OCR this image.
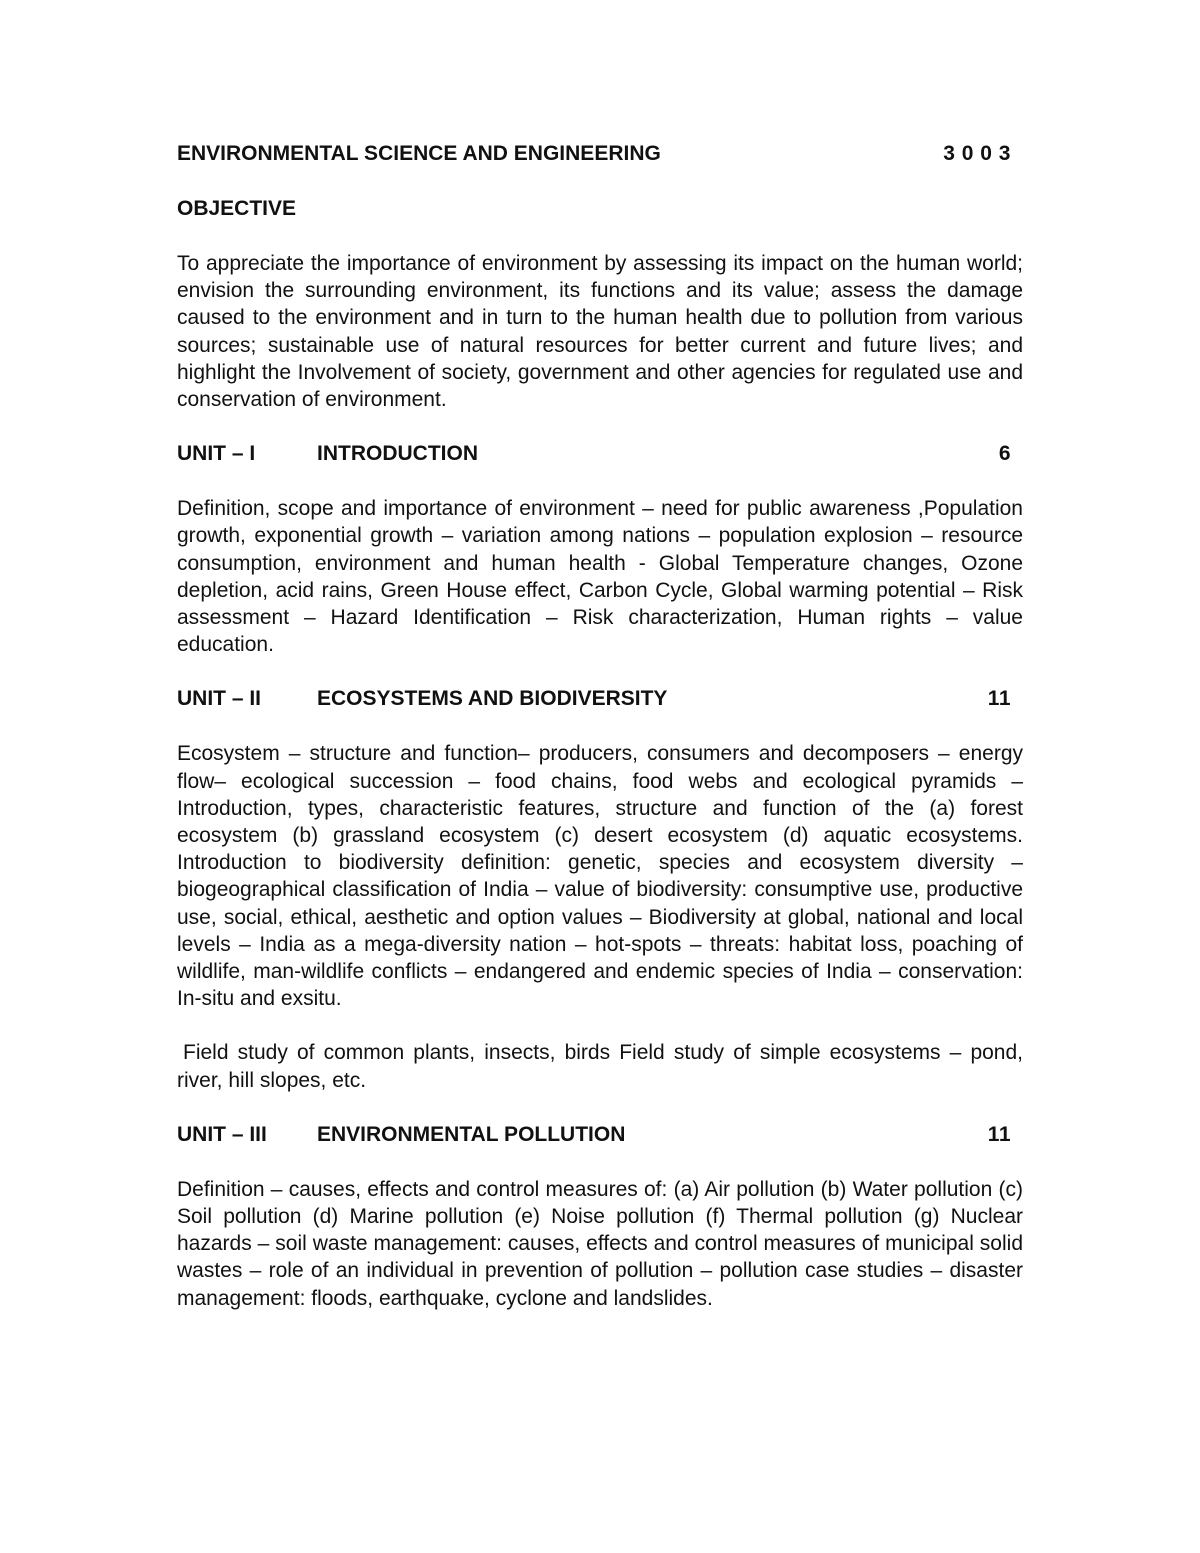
ENVIRONMENTAL SCIENCE AND ENGINEERING	3 0 0 3
OBJECTIVE

To appreciate the importance of environment by assessing its impact on the human world; envision the surrounding environment, its functions and its value; assess the damage caused to the environment and in turn to the human health due to pollution from various sources; sustainable use of natural resources for better current and future lives; and highlight the Involvement of society, government and other agencies for regulated use and conservation of environment.

UNIT – I	INTRODUCTION	6

Definition, scope and importance of environment – need for public awareness ,Population growth, exponential growth – variation among nations – population explosion – resource consumption, environment and human health - Global Temperature changes, Ozone depletion, acid rains, Green House effect, Carbon Cycle, Global warming potential – Risk assessment – Hazard Identification – Risk characterization, Human rights – value education.

UNIT – II	ECOSYSTEMS AND BIODIVERSITY	11

Ecosystem – structure and function– producers, consumers and decomposers – energy flow– ecological succession – food chains, food webs and ecological pyramids – Introduction, types, characteristic features, structure and function of the (a) forest ecosystem (b) grassland ecosystem (c) desert ecosystem (d) aquatic ecosystems. Introduction to biodiversity definition: genetic, species and ecosystem diversity – biogeographical classification of India – value of biodiversity: consumptive use, productive use, social, ethical, aesthetic and option values – Biodiversity at global, national and local levels – India as a mega-diversity nation – hot-spots – threats: habitat loss, poaching of wildlife, man-wildlife conflicts – endangered and endemic species of India – conservation: In-situ and exsitu.

Field study of common plants, insects, birds Field study of simple ecosystems – pond, river, hill slopes, etc.

UNIT – III	ENVIRONMENTAL POLLUTION	11

Definition – causes, effects and control measures of: (a) Air pollution (b) Water pollution (c) Soil pollution (d) Marine pollution (e) Noise pollution (f) Thermal pollution (g) Nuclear hazards – soil waste management: causes, effects and control measures of municipal solid wastes – role of an individual in prevention of pollution – pollution case studies – disaster management: floods, earthquake, cyclone and landslides.
